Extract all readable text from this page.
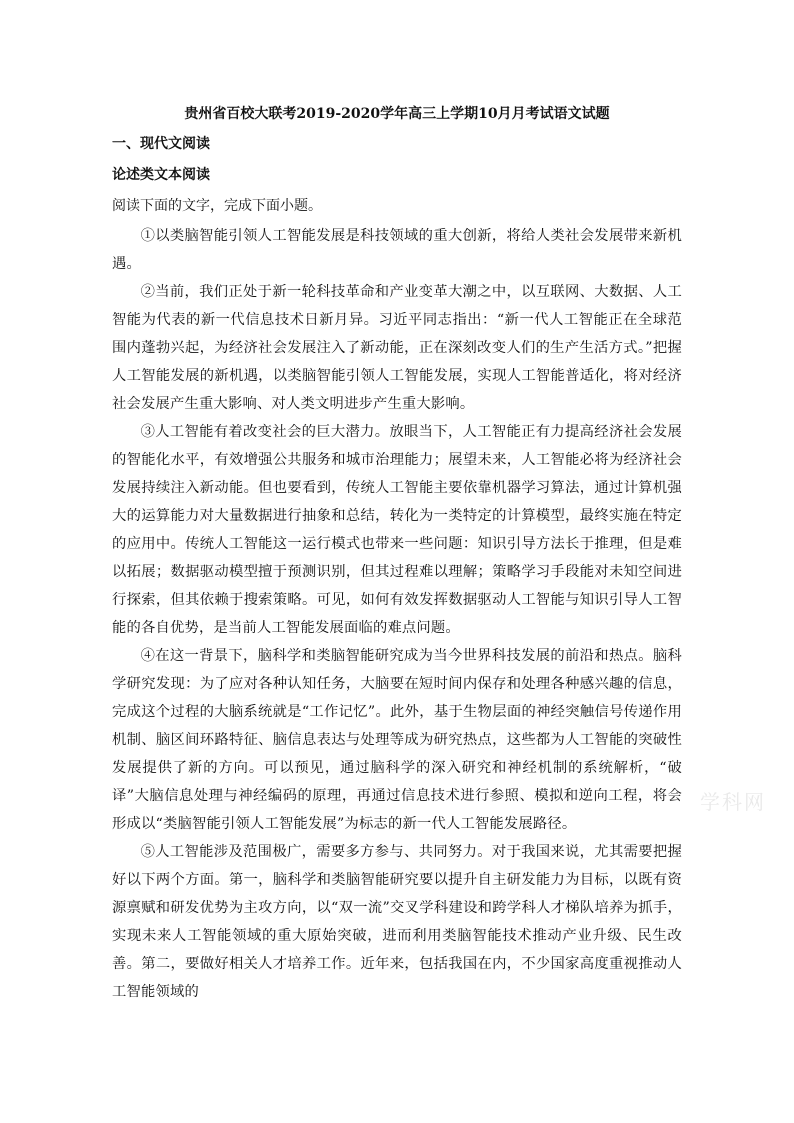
贵州省百校大联考2019-2020学年高三上学期10月月考试语文试题
一、现代文阅读
论述类文本阅读
阅读下面的文字，完成下面小题。

①以类脑智能引领人工智能发展是科技领域的重大创新，将给人类社会发展带来新机遇。

②当前，我们正处于新一轮科技革命和产业变革大潮之中，以互联网、大数据、人工智能为代表的新一代信息技术日新月异。习近平同志指出：“新一代人工智能正在全球范围内蓬勃兴起，为经济社会发展注入了新动能，正在深刻改变人们的生产生活方式。”把握人工智能发展的新机遇，以类脑智能引领人工智能发展，实现人工智能普适化，将对经济社会发展产生重大影响、对人类文明进步产生重大影响。

③人工智能有着改变社会的巨大潜力。放眼当下，人工智能正有力提高经济社会发展的智能化水平，有效增强公共服务和城市治理能力；展望未来，人工智能必将为经济社会发展持续注入新动能。但也要看到，传统人工智能主要依靠机器学习算法，通过计算机强大的运算能力对大量数据进行抽象和总结，转化为一类特定的计算模型，最终实施在特定的应用中。传统人工智能这一运行模式也带来一些问题：知识引导方法长于推理，但是难以拓展；数据驱动模型擅于预测识别，但其过程难以理解；策略学习手段能对未知空间进行探索，但其依赖于搜索策略。可见，如何有效发挥数据驱动人工智能与知识引导人工智能的各自优势，是当前人工智能发展面临的难点问题。

④在这一背景下，脑科学和类脑智能研究成为当今世界科技发展的前沿和热点。脑科学研究发现：为了应对各种认知任务，大脑要在短时间内保存和处理各种感兴趣的信息，完成这个过程的大脑系统就是“工作记忆”。此外，基于生物层面的神经突触信号传递作用机制、脑区间环路特征、脑信息表达与处理等成为研究热点，这些都为人工智能的突破性发展提供了新的方向。可以预见，通过脑科学的深入研究和神经机制的系统解析，“破译”大脑信息处理与神经编码的原理，再通过信息技术进行参照、模拟和逆向工程，将会形成以“类脑智能引领人工智能发展”为标志的新一代人工智能发展路径。

⑤人工智能涉及范围极广，需要多方参与、共同努力。对于我国来说，尤其需要把握好以下两个方面。第一，脑科学和类脑智能研究要以提升自主研发能力为目标，以既有资源禀赋和研发优势为主攻方向，以“双一流”交叉学科建设和跨学科人才梯队培养为抓手，实现未来人工智能领域的重大原始突破，进而利用类脑智能技术推动产业升级、民生改善。第二，要做好相关人才培养工作。近年来，包括我国在内，不少国家高度重视推动人工智能领域的

学科网
